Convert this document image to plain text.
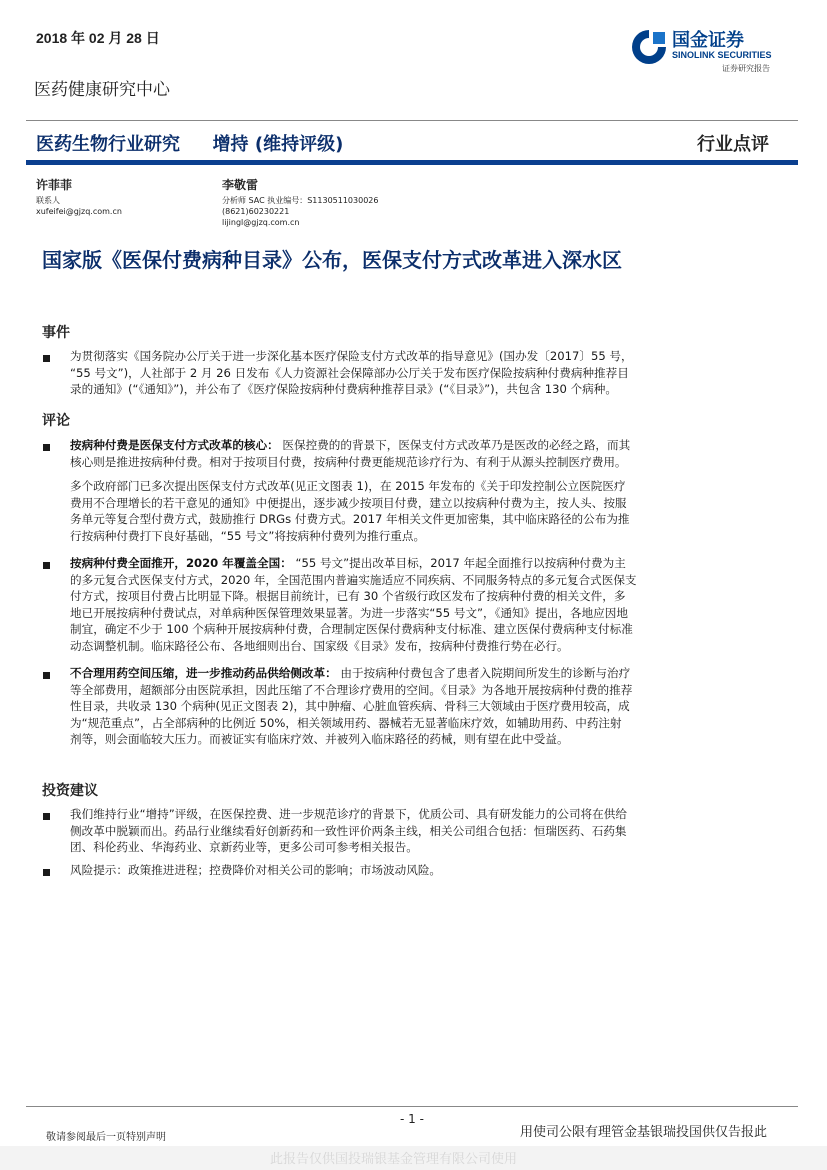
2018 年 02 月 28 日
医药健康研究中心
国金证券
SINOLINK SECURITIES
证券研究报告
医药生物行业研究 增持 (维持评级)	行业点评
许菲菲
联系人
xufeifei@gjzq.com.cn
李敬雷
分析师 SAC 执业编号：S1130511030026
(8621)60230221
lijingl@gjzq.com.cn
国家版《医保付费病种目录》公布，医保支付方式改革进入深水区
事件
为贯彻落实《国务院办公厅关于进一步深化基本医疗保险支付方式改革的指导意见》(国办发〔2017〕55 号，
“55 号文”)，人社部于 2 月 26 日发布《人力资源社会保障部办公厅关于发布医疗保险按病种付费病种推荐目
录的通知》(“《通知》”)，并公布了《医疗保险按病种付费病种推荐目录》(“《目录》”)，共包含 130 个病种。
评论
按病种付费是医保支付方式改革的核心： 医保控费的的背景下，医保支付方式改革乃是医改的必经之路，而其
核心则是推进按病种付费。相对于按项目付费，按病种付费更能规范诊疗行为、有利于从源头控制医疗费用。
多个政府部门已多次提出医保支付方式改革(见正文图表 1)，在 2015 年发布的《关于印发控制公立医院医疗
费用不合理增长的若干意见的通知》中便提出，逐步减少按项目付费，建立以按病种付费为主，按人头、按服
务单元等复合型付费方式，鼓励推行 DRGs 付费方式。2017 年相关文件更加密集，其中临床路径的公布为推
行按病种付费打下良好基础，“55 号文”将按病种付费列为推行重点。
按病种付费全面推开，2020 年覆盖全国： “55 号文”提出改革目标，2017 年起全面推行以按病种付费为主
的多元复合式医保支付方式，2020 年，全国范围内普遍实施适应不同疾病、不同服务特点的多元复合式医保支
付方式，按项目付费占比明显下降。根据目前统计，已有 30 个省级行政区发布了按病种付费的相关文件，多
地已开展按病种付费试点，对单病种医保管理效果显著。为进一步落实“55 号文”，《通知》提出，各地应因地
制宜，确定不少于 100 个病种开展按病种付费，合理制定医保付费病种支付标准、建立医保付费病种支付标准
动态调整机制。临床路径公布、各地细则出台、国家级《目录》发布，按病种付费推行势在必行。
不合理用药空间压缩，进一步推动药品供给侧改革： 由于按病种付费包含了患者入院期间所发生的诊断与治疗
等全部费用，超额部分由医院承担，因此压缩了不合理诊疗费用的空间。《目录》为各地开展按病种付费的推荐
性目录，共收录 130 个病种(见正文图表 2)，其中肿瘤、心脏血管疾病、骨科三大领域由于医疗费用较高，成
为“规范重点”，占全部病种的比例近 50%，相关领域用药、器械若无显著临床疗效，如辅助用药、中药注射
剂等，则会面临较大压力。而被证实有临床疗效、并被列入临床路径的药械，则有望在此中受益。
投资建议
我们维持行业“增持”评级，在医保控费、进一步规范诊疗的背景下，优质公司、具有研发能力的公司将在供给
侧改革中脱颖而出。药品行业继续看好创新药和一致性评价两条主线，相关公司组合包括：恒瑞医药、石药集
团、科伦药业、华海药业、京新药业等，更多公司可参考相关报告。
风险提示：政策推进进程；控费降价对相关公司的影响；市场波动风险。
- 1 -
敬请参阅最后一页特别声明	用使司公限有理管金基银瑞投国供仅告报此
此报告仅供国投瑞银基金管理有限公司使用
